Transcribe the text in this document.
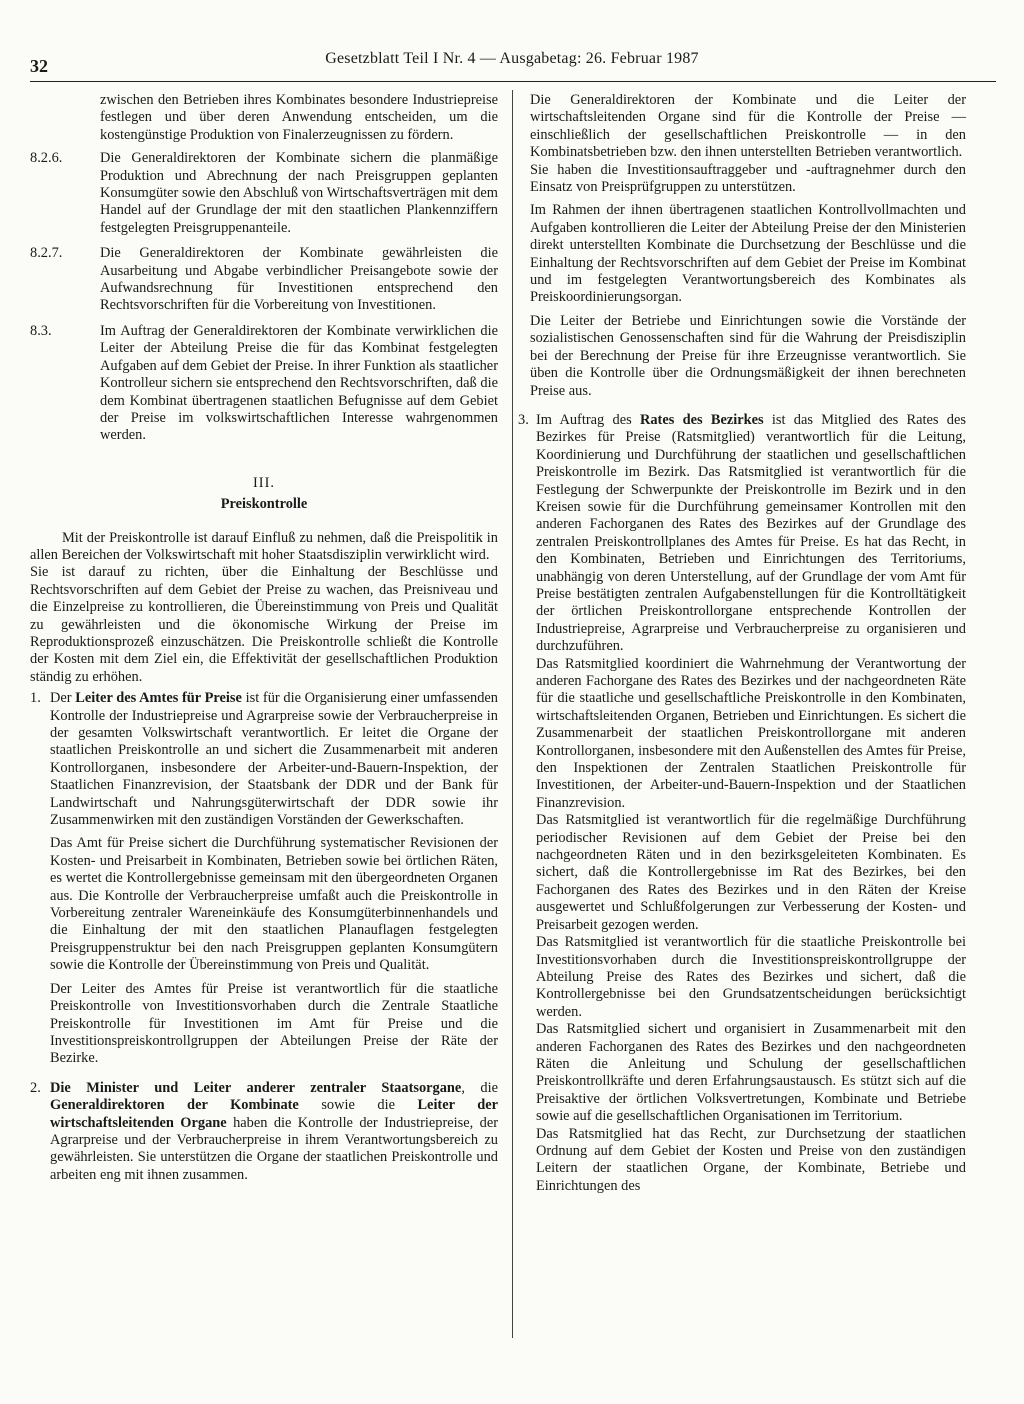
32	Gesetzblatt Teil I Nr. 4 — Ausgabetag: 26. Februar 1987

zwischen den Betrieben ihres Kombinates besondere Industriepreise festlegen und über deren Anwendung entscheiden, um die kostengünstige Produktion von Finalerzeugnissen zu fördern.

8.2.6.	Die Generaldirektoren der Kombinate sichern die planmäßige Produktion und Abrechnung der nach Preisgruppen geplanten Konsumgüter sowie den Abschluß von Wirtschaftsverträgen mit dem Handel auf der Grundlage der mit den staatlichen Plankennziffern festgelegten Preisgruppenanteile.
8.2.7.	Die Generaldirektoren der Kombinate gewährleisten die Ausarbeitung und Abgabe verbindlicher Preisangebote sowie der Aufwandsrechnung für Investitionen entsprechend den Rechtsvorschriften für die Vorbereitung von Investitionen.
8.3.	Im Auftrag der Generaldirektoren der Kombinate verwirklichen die Leiter der Abteilung Preise die für das Kombinat festgelegten Aufgaben auf dem Gebiet der Preise. In ihrer Funktion als staatlicher Kontrolleur sichern sie entsprechend den Rechtsvorschriften, daß die dem Kombinat übertragenen staatlichen Befugnisse auf dem Gebiet der Preise im volkswirtschaftlichen Interesse wahrgenommen werden.
III.
Preiskontrolle

Mit der Preiskontrolle ist darauf Einfluß zu nehmen, daß die Preispolitik in allen Bereichen der Volkswirtschaft mit hoher Staatsdisziplin verwirklicht wird.

Sie ist darauf zu richten, über die Einhaltung der Beschlüsse und Rechtsvorschriften auf dem Gebiet der Preise zu wachen, das Preisniveau und die Einzelpreise zu kontrollieren, die Übereinstimmung von Preis und Qualität zu gewährleisten und die ökonomische Wirkung der Preise im Reproduktionsprozeß einzuschätzen. Die Preiskontrolle schließt die Kontrolle der Kosten mit dem Ziel ein, die Effektivität der gesellschaftlichen Produktion ständig zu erhöhen.

1. Der Leiter des Amtes für Preise ist für die Organisierung einer umfassenden Kontrolle der Industriepreise und Agrarpreise sowie der Verbraucherpreise in der gesamten Volkswirtschaft verantwortlich. Er leitet die Organe der staatlichen Preiskontrolle an und sichert die Zusammenarbeit mit anderen Kontrollorganen, insbesondere der Arbeiter-und-Bauern-Inspektion, der Staatlichen Finanzrevision, der Staatsbank der DDR und der Bank für Landwirtschaft und Nahrungsgüterwirtschaft der DDR sowie ihr Zusammenwirken mit den zuständigen Vorständen der Gewerkschaften.

Das Amt für Preise sichert die Durchführung systematischer Revisionen der Kosten- und Preisarbeit in Kombinaten, Betrieben sowie bei örtlichen Räten, es wertet die Kontrollergebnisse gemeinsam mit den übergeordneten Organen aus. Die Kontrolle der Verbraucherpreise umfaßt auch die Preiskontrolle in Vorbereitung zentraler Wareneinkäufe des Konsumgüterbinnenhandels und die Einhaltung der mit den staatlichen Planauflagen festgelegten Preisgruppenstruktur bei den nach Preisgruppen geplanten Konsumgütern sowie die Kontrolle der Übereinstimmung von Preis und Qualität.

Der Leiter des Amtes für Preise ist verantwortlich für die staatliche Preiskontrolle von Investitionsvorhaben durch die Zentrale Staatliche Preiskontrolle für Investitionen im Amt für Preise und die Investitionspreiskontrollgruppen der Abteilungen Preise der Räte der Bezirke.

2. Die Minister und Leiter anderer zentraler Staatsorgane, die Generaldirektoren der Kombinate sowie die Leiter der wirtschaftsleitenden Organe haben die Kontrolle der Industriepreise, der Agrarpreise und der Verbraucherpreise in ihrem Verantwortungsbereich zu gewährleisten. Sie unterstützen die Organe der staatlichen Preiskontrolle und arbeiten eng mit ihnen zusammen.

Die Generaldirektoren der Kombinate und die Leiter der wirtschaftsleitenden Organe sind für die Kontrolle der Preise — einschließlich der gesellschaftlichen Preiskontrolle — in den Kombinatsbetrieben bzw. den ihnen unterstellten Betrieben verantwortlich.

Sie haben die Investitionsauftraggeber und -auftragnehmer durch den Einsatz von Preisprüfgruppen zu unterstützen.

Im Rahmen der ihnen übertragenen staatlichen Kontrollvollmachten und Aufgaben kontrollieren die Leiter der Abteilung Preise der den Ministerien direkt unterstellten Kombinate die Durchsetzung der Beschlüsse und die Einhaltung der Rechtsvorschriften auf dem Gebiet der Preise im Kombinat und im festgelegten Verantwortungsbereich des Kombinates als Preiskoordinierungsorgan.

Die Leiter der Betriebe und Einrichtungen sowie die Vorstände der sozialistischen Genossenschaften sind für die Wahrung der Preisdisziplin bei der Berechnung der Preise für ihre Erzeugnisse verantwortlich. Sie üben die Kontrolle über die Ordnungsmäßigkeit der ihnen berechneten Preise aus.

3. Im Auftrag des Rates des Bezirkes ist das Mitglied des Rates des Bezirkes für Preise (Ratsmitglied) verantwortlich für die Leitung, Koordinierung und Durchführung der staatlichen und gesellschaftlichen Preiskontrolle im Bezirk. Das Ratsmitglied ist verantwortlich für die Festlegung der Schwerpunkte der Preiskontrolle im Bezirk und in den Kreisen sowie für die Durchführung gemeinsamer Kontrollen mit den anderen Fachorganen des Rates des Bezirkes auf der Grundlage des zentralen Preiskontrollplanes des Amtes für Preise. Es hat das Recht, in den Kombinaten, Betrieben und Einrichtungen des Territoriums, unabhängig von deren Unterstellung, auf der Grundlage der vom Amt für Preise bestätigten zentralen Aufgabenstellungen für die Kontrolltätigkeit der örtlichen Preiskontrollorgane entsprechende Kontrollen der Industriepreise, Agrarpreise und Verbraucherpreise zu organisieren und durchzuführen.

Das Ratsmitglied koordiniert die Wahrnehmung der Verantwortung der anderen Fachorgane des Rates des Bezirkes und der nachgeordneten Räte für die staatliche und gesellschaftliche Preiskontrolle in den Kombinaten, wirtschaftsleitenden Organen, Betrieben und Einrichtungen. Es sichert die Zusammenarbeit der staatlichen Preiskontrollorgane mit anderen Kontrollorganen, insbesondere mit den Außenstellen des Amtes für Preise, den Inspektionen der Zentralen Staatlichen Preiskontrolle für Investitionen, der Arbeiter-und-Bauern-Inspektion und der Staatlichen Finanzrevision.

Das Ratsmitglied ist verantwortlich für die regelmäßige Durchführung periodischer Revisionen auf dem Gebiet der Preise bei den nachgeordneten Räten und in den bezirksgeleiteten Kombinaten. Es sichert, daß die Kontrollergebnisse im Rat des Bezirkes, bei den Fachorganen des Rates des Bezirkes und in den Räten der Kreise ausgewertet und Schlußfolgerungen zur Verbesserung der Kosten- und Preisarbeit gezogen werden.

Das Ratsmitglied ist verantwortlich für die staatliche Preiskontrolle bei Investitionsvorhaben durch die Investitionspreiskontrollgruppe der Abteilung Preise des Rates des Bezirkes und sichert, daß die Kontrollergebnisse bei den Grundsatzentscheidungen berücksichtigt werden.

Das Ratsmitglied sichert und organisiert in Zusammenarbeit mit den anderen Fachorganen des Rates des Bezirkes und den nachgeordneten Räten die Anleitung und Schulung der gesellschaftlichen Preiskontrollkräfte und deren Erfahrungsaustausch. Es stützt sich auf die Preisaktive der örtlichen Volksvertretungen, Kombinate und Betriebe sowie auf die gesellschaftlichen Organisationen im Territorium.

Das Ratsmitglied hat das Recht, zur Durchsetzung der staatlichen Ordnung auf dem Gebiet der Kosten und Preise von den zuständigen Leitern der staatlichen Organe, der Kombinate, Betriebe und Einrichtungen des
